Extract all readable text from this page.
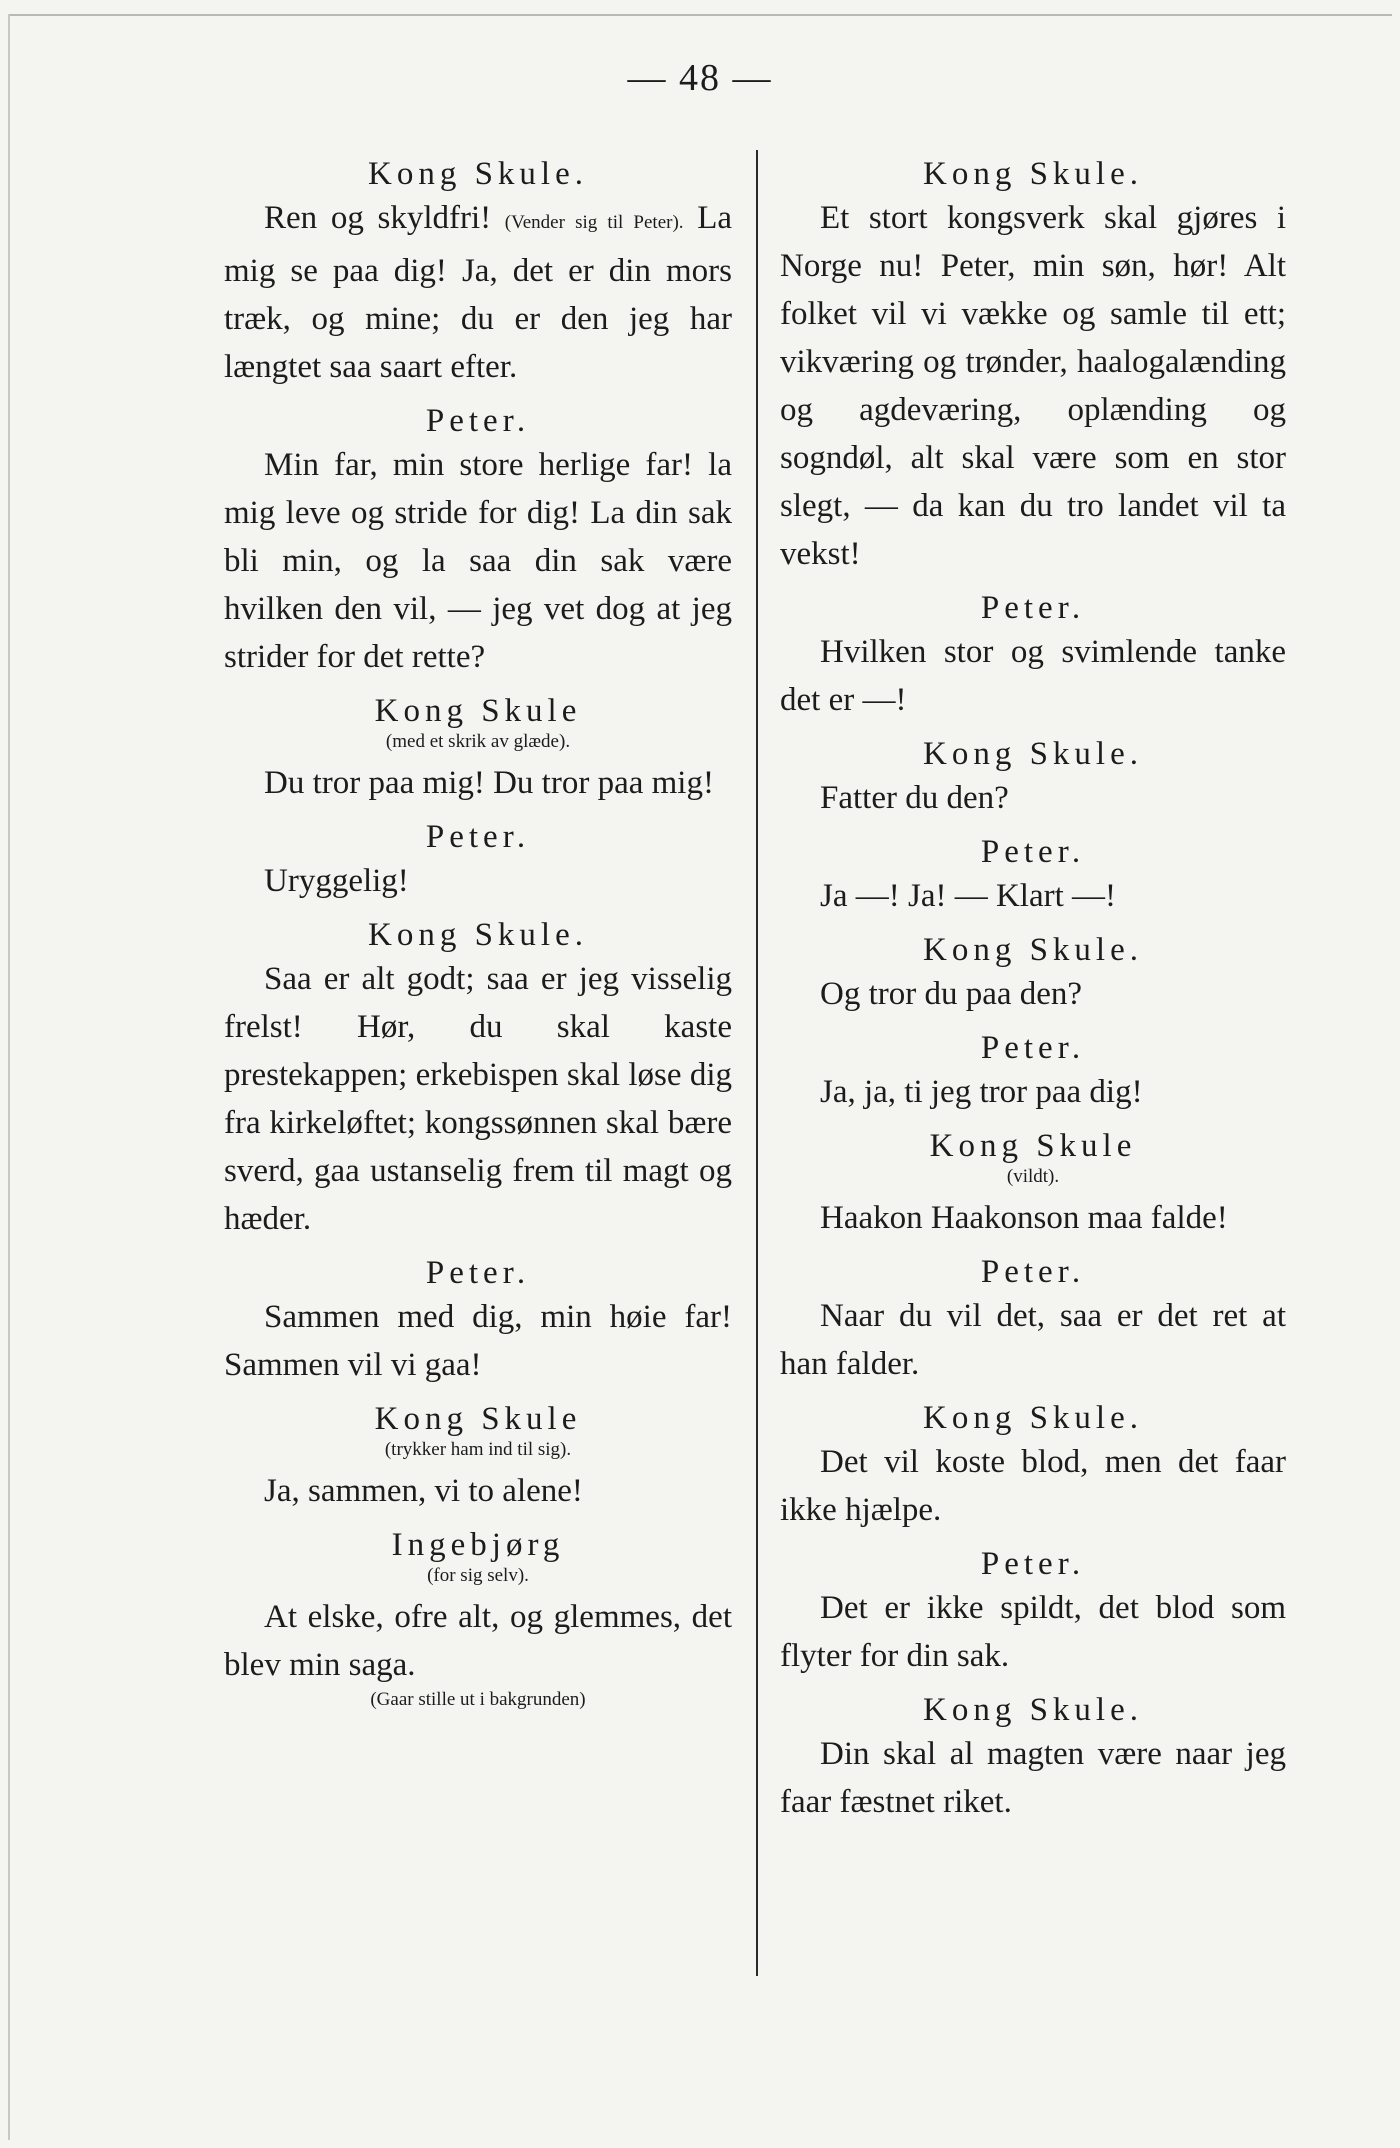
— 48 —
Kong Skule.
Ren og skyldfri! (Vender sig til Peter). La mig se paa dig! Ja, det er din mors træk, og mine; du er den jeg har længtet saa saart efter.
Peter.
Min far, min store herlige far! la mig leve og stride for dig! La din sak bli min, og la saa din sak være hvilken den vil, — jeg vet dog at jeg strider for det rette?
Kong Skule
(med et skrik av glæde).
Du tror paa mig! Du tror paa mig!
Peter.
Uryggelig!
Kong Skule.
Saa er alt godt; saa er jeg visselig frelst! Hør, du skal kaste prestekappen; erkebispen skal løse dig fra kirkeløftet; kongssønnen skal bære sverd, gaa ustanselig frem til magt og hæder.
Peter.
Sammen med dig, min høie far! Sammen vil vi gaa!
Kong Skule
(trykker ham ind til sig).
Ja, sammen, vi to alene!
Ingebjørg
(for sig selv).
At elske, ofre alt, og glemmes, det blev min saga.
(Gaar stille ut i bakgrunden)
Kong Skule.
Et stort kongsverk skal gjøres i Norge nu! Peter, min søn, hør! Alt folket vil vi vække og samle til ett; vikværing og trønder, haalogalænding og agdeværing, oplænding og sogndøl, alt skal være som en stor slegt, — da kan du tro landet vil ta vekst!
Peter.
Hvilken stor og svimlende tanke det er —!
Kong Skule.
Fatter du den?
Peter.
Ja —! Ja! — Klart —!
Kong Skule.
Og tror du paa den?
Peter.
Ja, ja, ti jeg tror paa dig!
Kong Skule
(vildt).
Haakon Haakonson maa falde!
Peter.
Naar du vil det, saa er det ret at han falder.
Kong Skule.
Det vil koste blod, men det faar ikke hjælpe.
Peter.
Det er ikke spildt, det blod som flyter for din sak.
Kong Skule.
Din skal al magten være naar jeg faar fæstnet riket.
